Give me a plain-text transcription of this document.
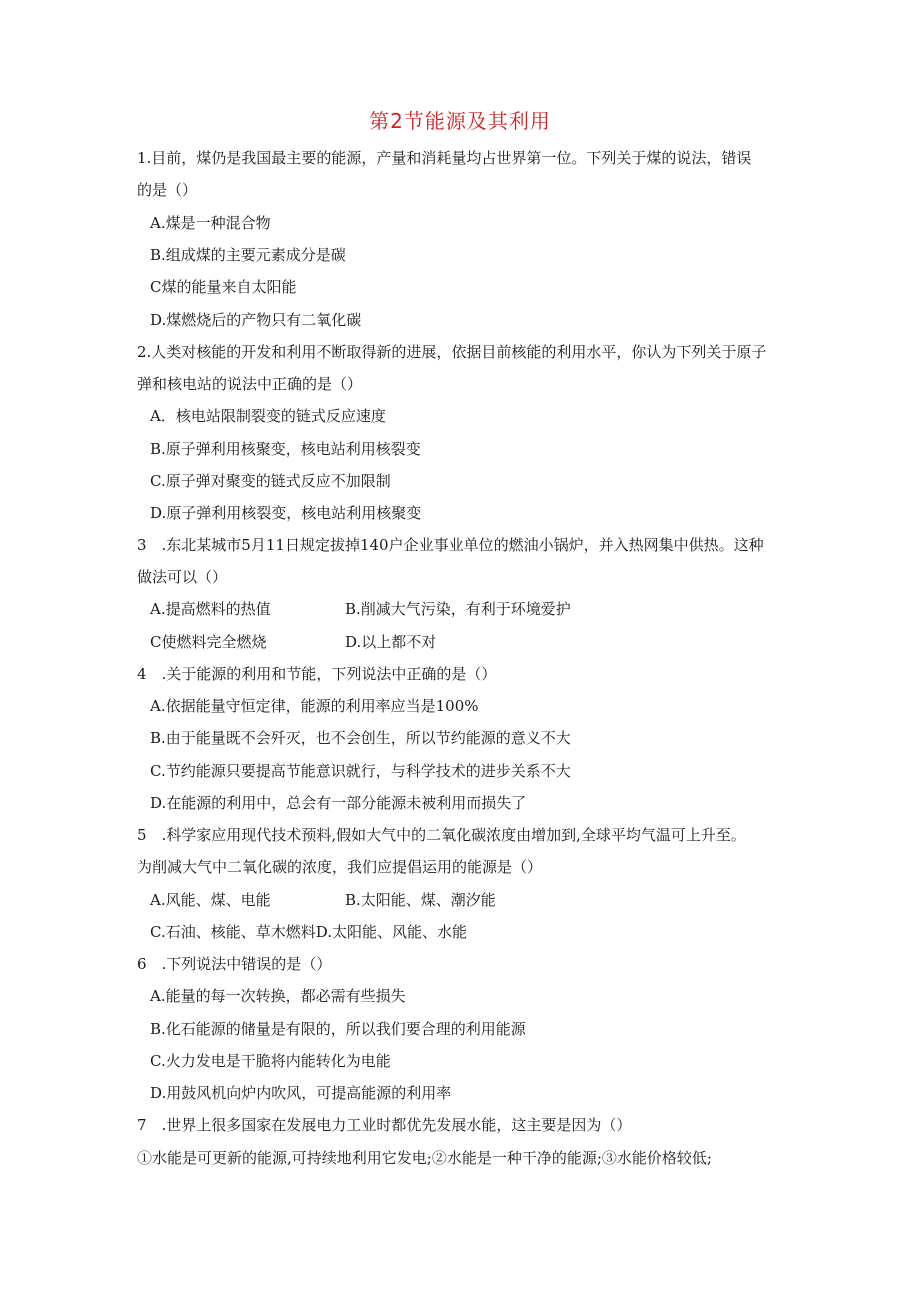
第2节能源及其利用
1.目前，煤仍是我国最主要的能源，产量和消耗量均占世界第一位。下列关于煤的说法，错误
的是（）
A.煤是一种混合物
B.组成煤的主要元素成分是碳
C煤的能量来自太阳能
D.煤燃烧后的产物只有二氧化碳
2.人类对核能的开发和利用不断取得新的进展，依据目前核能的利用水平，你认为下列关于原子
弹和核电站的说法中正确的是（）
A．核电站限制裂变的链式反应速度
B.原子弹利用核聚变，核电站利用核裂变
C.原子弹对聚变的链式反应不加限制
D.原子弹利用核裂变，核电站利用核聚变
3　.东北某城市5月11日规定拔掉140户企业事业单位的燃油小锅炉，并入热网集中供热。这种
做法可以（）
A.提高燃料的热值	B.削减大气污染，有利于环境爱护
C使燃料完全燃烧	D.以上都不对
4　.关于能源的利用和节能，下列说法中正确的是（）
A.依据能量守恒定律，能源的利用率应当是100%
B.由于能量既不会歼灭，也不会创生，所以节约能源的意义不大
C.节约能源只要提高节能意识就行，与科学技术的进步关系不大
D.在能源的利用中，总会有一部分能源未被利用而损失了
5　.科学家应用现代技术预料,假如大气中的二氧化碳浓度由增加到,全球平均气温可上升至。
为削减大气中二氧化碳的浓度，我们应提倡运用的能源是（）
A.风能、煤、电能	B.太阳能、煤、潮汐能
C.石油、核能、草木燃料D.太阳能、风能、水能
6　.下列说法中错误的是（）
A.能量的每一次转换，都必需有些损失
B.化石能源的储量是有限的，所以我们要合理的利用能源
C.火力发电是干脆将内能转化为电能
D.用鼓风机向炉内吹风，可提高能源的利用率
7　.世界上很多国家在发展电力工业时都优先发展水能，这主要是因为（）
①水能是可更新的能源,可持续地利用它发电;②水能是一种干净的能源;③水能价格较低;
